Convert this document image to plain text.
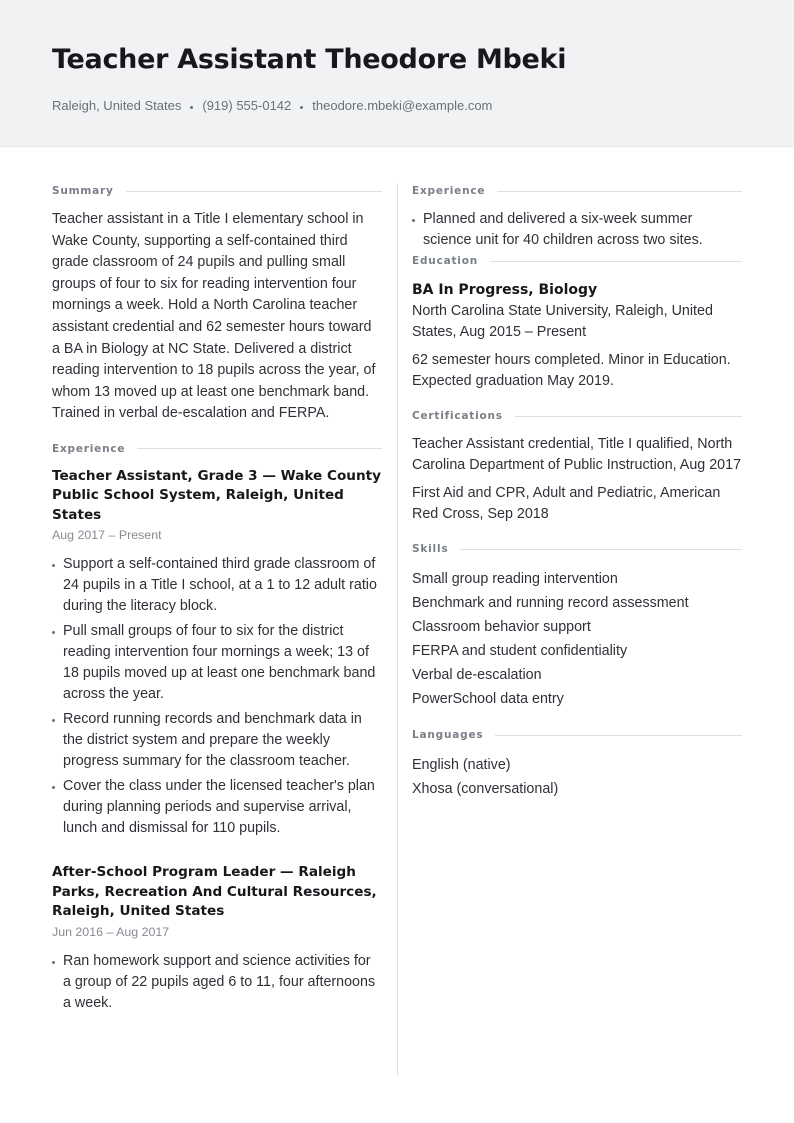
Teacher Assistant Theodore Mbeki
Raleigh, United States (919) 555-0142 theodore.mbeki@example.com
Summary

Teacher assistant in a Title I elementary school in Wake County, supporting a self-contained third grade classroom of 24 pupils and pulling small groups of four to six for reading intervention four mornings a week. Hold a North Carolina teacher assistant credential and 62 semester hours toward a BA in Biology at NC State. Delivered a district reading intervention to 18 pupils across the year, of whom 13 moved up at least one benchmark band. Trained in verbal de-escalation and FERPA.

Experience
Teacher Assistant, Grade 3 — Wake County Public School System, Raleigh, United States
Aug 2017 – Present
Support a self-contained third grade classroom of 24 pupils in a Title I school, at a 1 to 12 adult ratio during the literacy block.
Pull small groups of four to six for the district reading intervention four mornings a week; 13 of 18 pupils moved up at least one benchmark band across the year.
Record running records and benchmark data in the district system and prepare the weekly progress summary for the classroom teacher.
Cover the class under the licensed teacher's plan during planning periods and supervise arrival, lunch and dismissal for 110 pupils.
After-School Program Leader — Raleigh Parks, Recreation And Cultural Resources, Raleigh, United States
Jun 2016 – Aug 2017
Ran homework support and science activities for a group of 22 pupils aged 6 to 11, four afternoons a week.
Experience
Planned and delivered a six-week summer science unit for 40 children across two sites.
Education
BA In Progress, Biology
North Carolina State University, Raleigh, United States, Aug 2015 – Present
62 semester hours completed. Minor in Education. Expected graduation May 2019.
Certifications
Teacher Assistant credential, Title I qualified, North Carolina Department of Public Instruction, Aug 2017
First Aid and CPR, Adult and Pediatric, American Red Cross, Sep 2018
Skills
Small group reading intervention
Benchmark and running record assessment
Classroom behavior support
FERPA and student confidentiality
Verbal de-escalation
PowerSchool data entry
Languages
English (native)
Xhosa (conversational)
